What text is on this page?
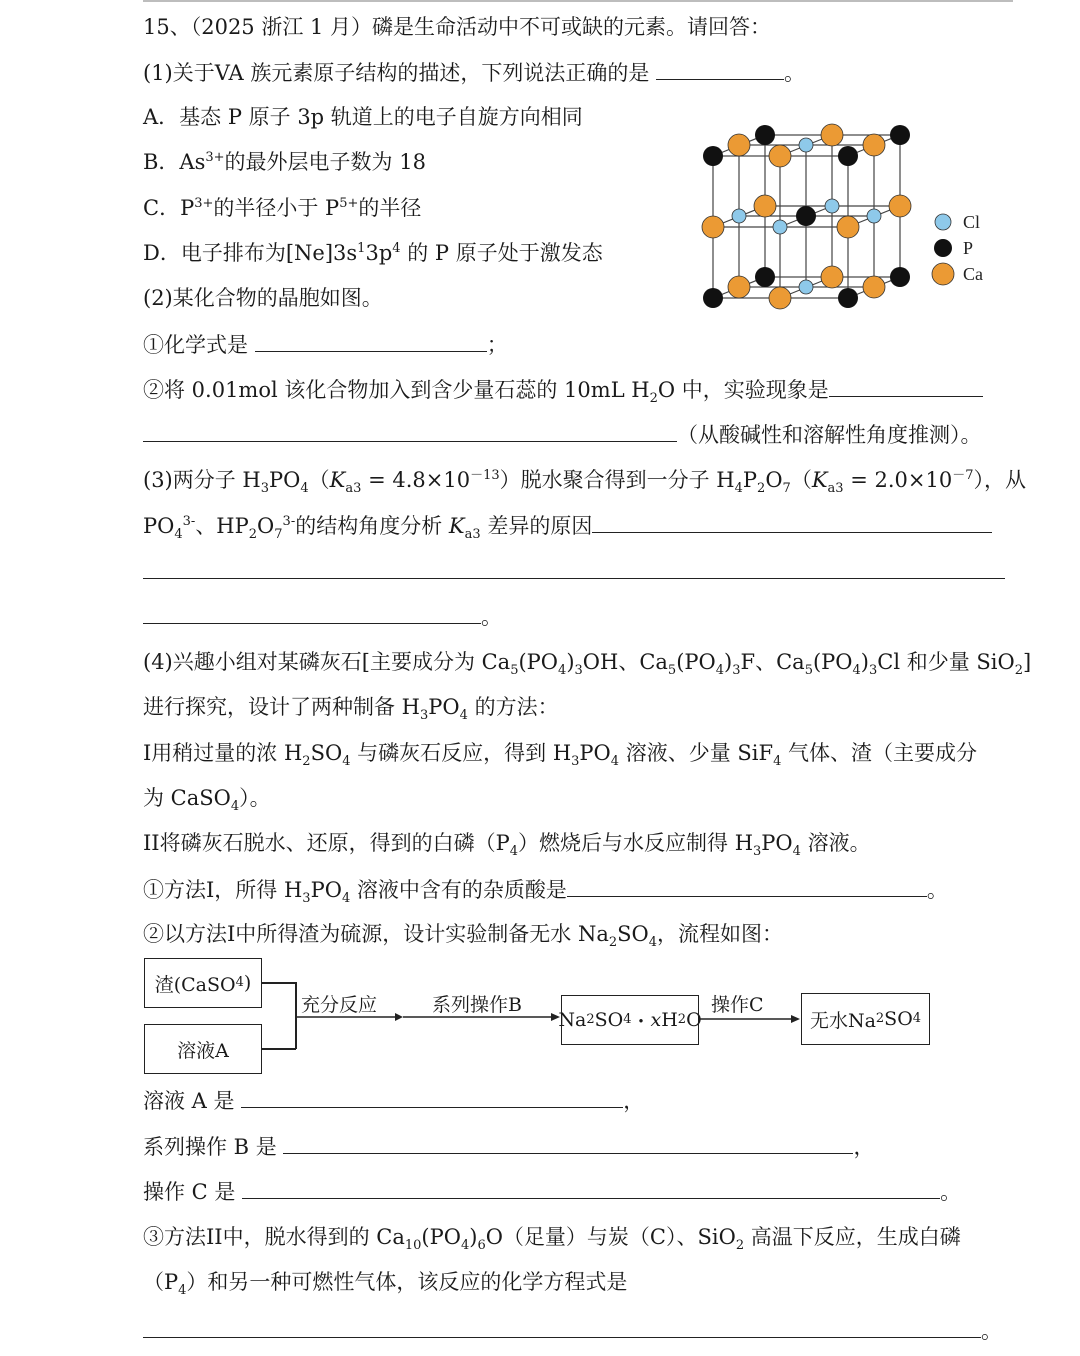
15、（2025 浙江 1 月）磷是生命活动中不可或缺的元素。请回答：
(1)关于VA 族元素原子结构的描述，下列说法正确的是	。
A．基态 P 原子 3p 轨道上的电子自旋方向相同
B．$As^{3+}$的最外层电子数为 18
C．$P^{3+}$的半径小于 $P^{5+}$的半径
D．电子排布为$[Ne]3s^13p^4$ 的 P 原子处于激发态
(2)某化合物的晶胞如图。
①化学式是	；
②将 0.01mol 该化合物加入到含少量石蕊的 10mL $H_2O$ 中，实验现象是
（从酸碱性和溶解性角度推测）。
(3)两分子 $H_3PO_4(K_{a3} = 4.8\times 10^{-13})$脱水聚合得到一分子 $H_4P_2O_7(K_{a3} = 2.0\times 10^{-7})$，从
$PO_4^{3-}$、$HP_2O_7^{3-}$的结构角度分析 $K_{a3}$ 差异的原因
。
(4)兴趣小组对某磷灰石[主要成分为 $Ca_5(PO_4)_3OH$、$Ca_5(PO_4)_3F$、$Ca_5(PO_4)_3Cl$ 和少量 SiO$_2$]
进行探究，设计了两种制备 $H_3PO_4$ 的方法：
I用稍过量的浓 $H_2SO_4$ 与磷灰石反应，得到 $H_3PO_4$ 溶液、少量 SiF$_4$ 气体、渣（主要成分
为 CaSO$_4$）。
II将磷灰石脱水、还原，得到的白磷$(P_4)$燃烧后与水反应制得 $H_3PO_4$ 溶液。
①方法I，所得 $H_3PO_4$ 溶液中含有的杂质酸是	。
②以方法I中所得渣为硫源，设计实验制备无水 $Na_2SO_4$，流程如图：
渣(CaSO 4 )
溶液A
充分反应	系列操作B
Na 2 SO 4 ・ x H 2 O
操作C
无水Na 2 SO 4
溶液 A 是	，
系列操作 B 是	，
操作 C 是	。
③方法II中，脱水得到的 $Ca_{10}(PO_4)_6O$（足量）与炭（C）、SiO$_2$ 高温下反应，生成白磷
$(P_4)$和另一种可燃性气体，该反应的化学方程式是
。
Cl
P
Ca
